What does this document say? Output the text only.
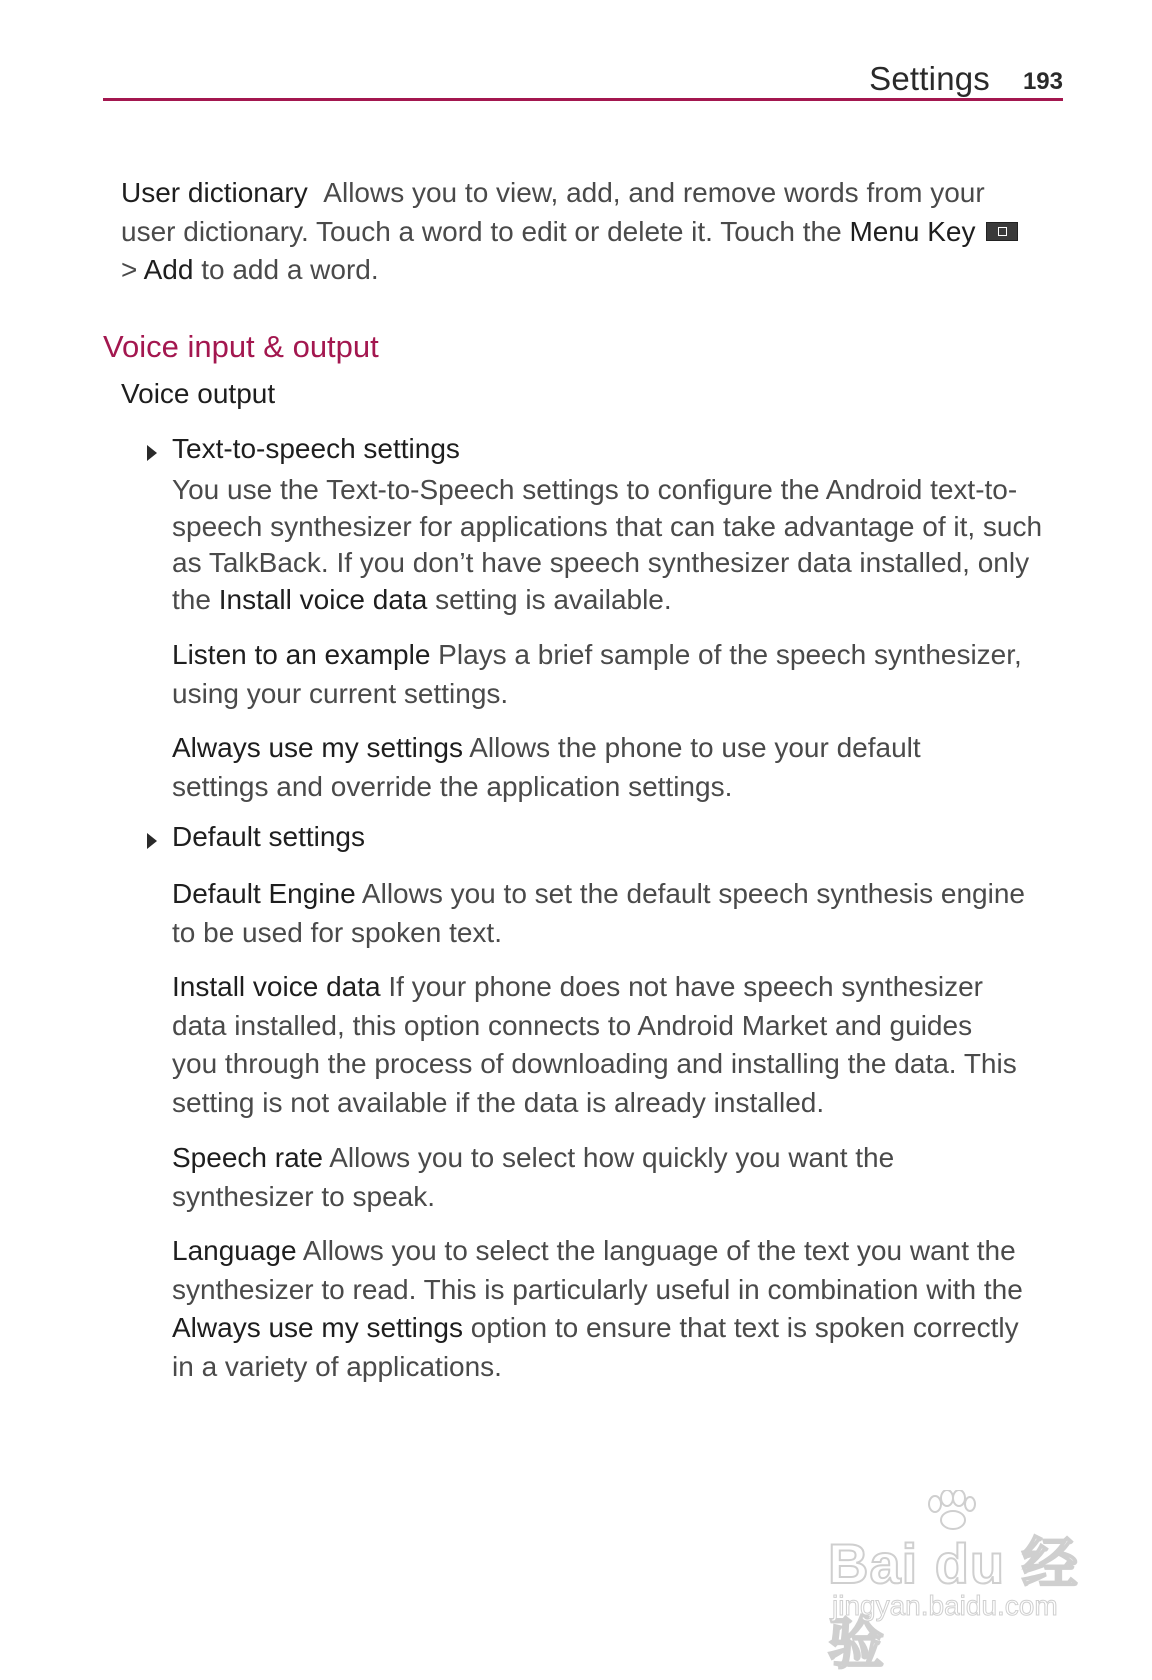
Settings 193
User dictionary Allows you to view, add, and remove words from your
user dictionary. Touch a word to edit or delete it. Touch the Menu Key
> Add to add a word.
Voice input & output
Voice output
Text-to-speech settings
You use the Text-to-Speech settings to configure the Android text-to-
speech synthesizer for applications that can take advantage of it, such
as TalkBack. If you don’t have speech synthesizer data installed, only
the Install voice data setting is available.
Listen to an example Plays a brief sample of the speech synthesizer,
using your current settings.
Always use my settings Allows the phone to use your default
settings and override the application settings.
Default settings
Default Engine Allows you to set the default speech synthesis engine
to be used for spoken text.
Install voice data If your phone does not have speech synthesizer
data installed, this option connects to Android Market and guides
you through the process of downloading and installing the data. This
setting is not available if the data is already installed.
Speech rate Allows you to select how quickly you want the
synthesizer to speak.
Language Allows you to select the language of the text you want the
synthesizer to read. This is particularly useful in combination with the
Always use my settings option to ensure that text is spoken correctly
in a variety of applications.
Bai du 经验
jingyan.baidu.com
